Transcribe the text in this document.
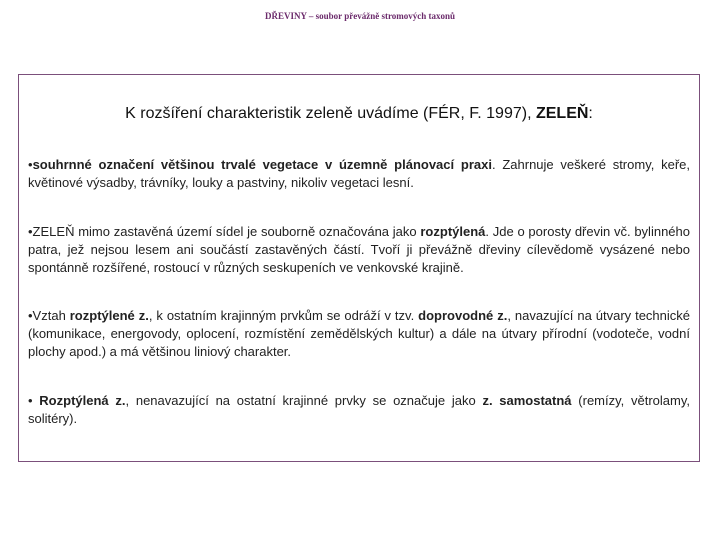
DŘEVINY – soubor převážně stromových taxonů
K rozšíření charakteristik zeleně uvádíme (FÉR, F. 1997), ZELEŇ:
•souhrnné označení většinou trvalé vegetace v územně plánovací praxi. Zahrnuje veškeré stromy, keře, květinové výsadby, trávníky, louky a pastviny, nikoliv vegetaci lesní.
•ZELEŇ mimo zastavěná území sídel je souborně označována jako rozptýlená. Jde o porosty dřevin vč. bylinného patra, jež nejsou lesem ani součástí zastavěných částí. Tvoří ji převážně dřeviny cílevědomě vysázené nebo spontánně rozšířené, rostoucí v různých seskupeních ve venkovské krajině.
•Vztah rozptýlené z., k ostatním krajinným prvkům se odráží v tzv. doprovodné z., navazující na útvary technické (komunikace, energovody, oplocení, rozmístění zemědělských kultur) a dále na útvary přírodní (vodoteče, vodní plochy apod.) a má většinou liniový charakter.
• Rozptýlená z., nenavazující na ostatní krajinné prvky se označuje jako z. samostatná (remízy, větrolamy, solitéry).
